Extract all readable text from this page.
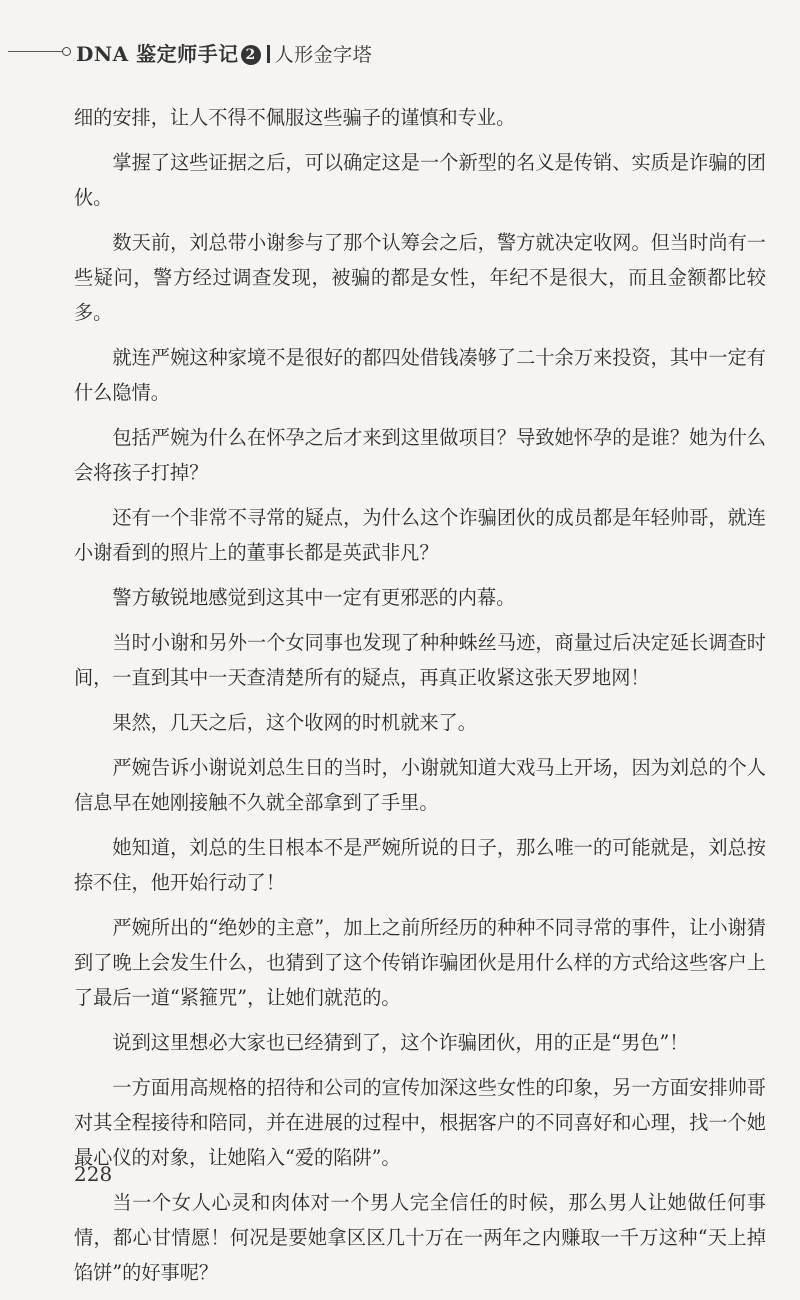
DNA 鉴定师手记 2 人形金字塔

细的安排，让人不得不佩服这些骗子的谨慎和专业。

掌握了这些证据之后，可以确定这是一个新型的名义是传销、实质是诈骗的团伙。

数天前，刘总带小谢参与了那个认筹会之后，警方就决定收网。但当时尚有一些疑问，警方经过调查发现，被骗的都是女性，年纪不是很大，而且金额都比较多。

就连严婉这种家境不是很好的都四处借钱凑够了二十余万来投资，其中一定有什么隐情。

包括严婉为什么在怀孕之后才来到这里做项目？导致她怀孕的是谁？她为什么会将孩子打掉？

还有一个非常不寻常的疑点，为什么这个诈骗团伙的成员都是年轻帅哥，就连小谢看到的照片上的董事长都是英武非凡？

警方敏锐地感觉到这其中一定有更邪恶的内幕。

当时小谢和另外一个女同事也发现了种种蛛丝马迹，商量过后决定延长调查时间，一直到其中一天查清楚所有的疑点，再真正收紧这张天罗地网！

果然，几天之后，这个收网的时机就来了。

严婉告诉小谢说刘总生日的当时，小谢就知道大戏马上开场，因为刘总的个人信息早在她刚接触不久就全部拿到了手里。

她知道，刘总的生日根本不是严婉所说的日子，那么唯一的可能就是，刘总按捺不住，他开始行动了！

严婉所出的“绝妙的主意”，加上之前所经历的种种不同寻常的事件，让小谢猜到了晚上会发生什么，也猜到了这个传销诈骗团伙是用什么样的方式给这些客户上了最后一道“紧箍咒”，让她们就范的。

说到这里想必大家也已经猜到了，这个诈骗团伙，用的正是“男色”！

一方面用高规格的招待和公司的宣传加深这些女性的印象，另一方面安排帅哥对其全程接待和陪同，并在进展的过程中，根据客户的不同喜好和心理，找一个她最心仪的对象，让她陷入“爱的陷阱”。

当一个女人心灵和肉体对一个男人完全信任的时候，那么男人让她做任何事情，都心甘情愿！何况是要她拿区区几十万在一两年之内赚取一千万这种“天上掉馅饼”的好事呢？

228
